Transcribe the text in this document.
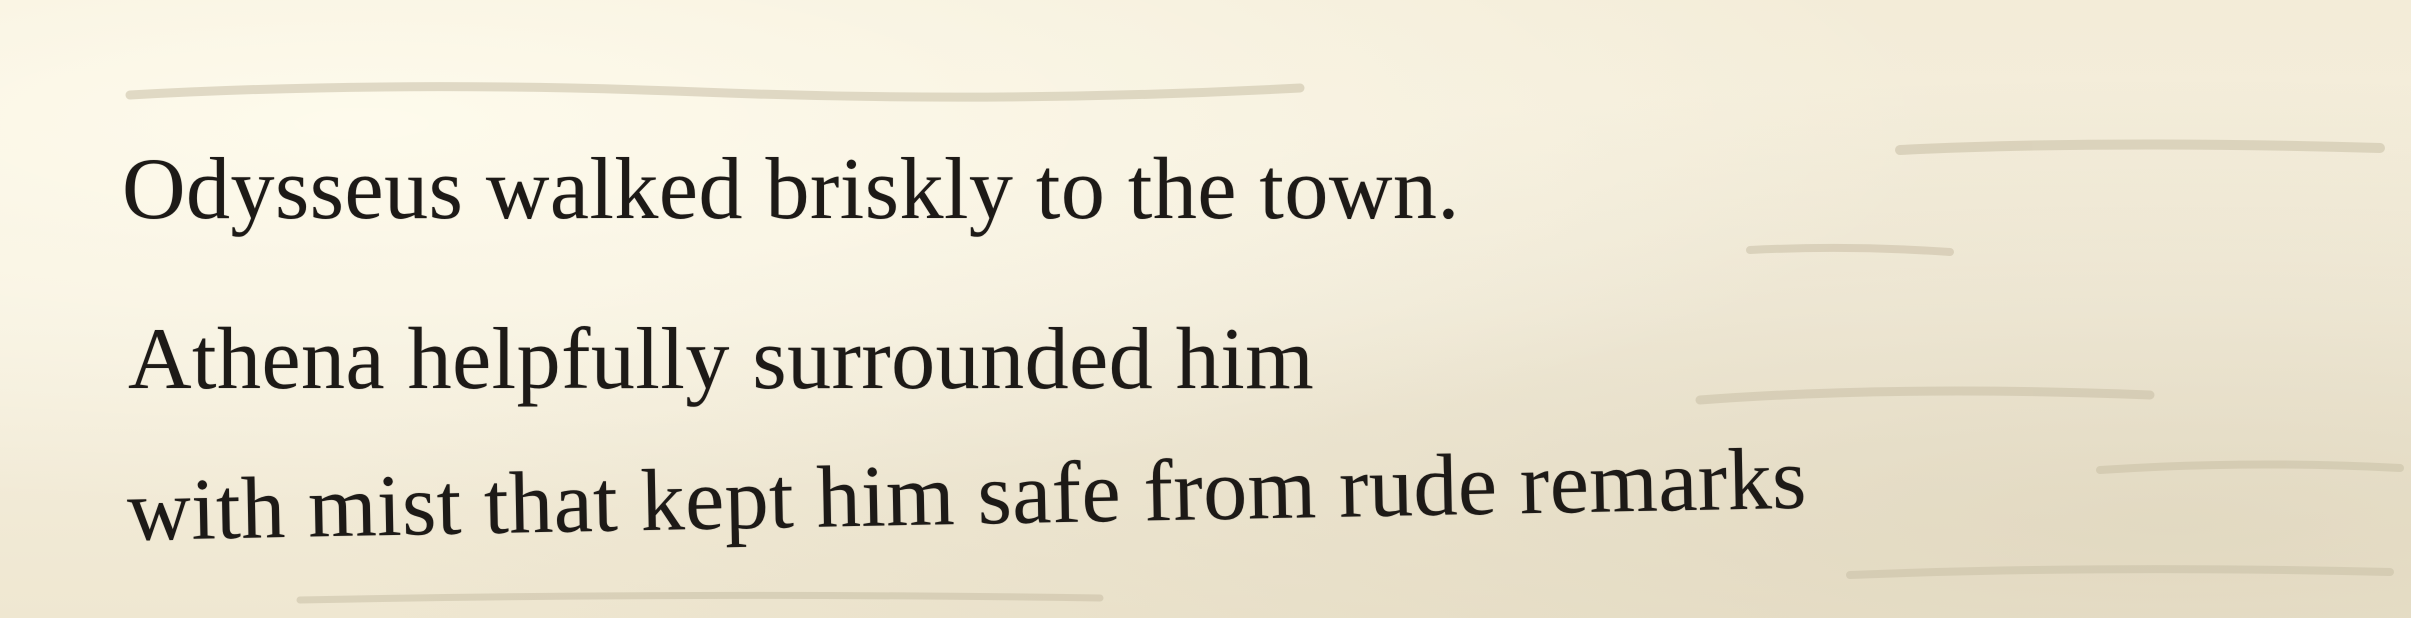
Odysseus walked briskly to the town.

Athena helpfully surrounded him

with mist that kept him safe from rude remarks
